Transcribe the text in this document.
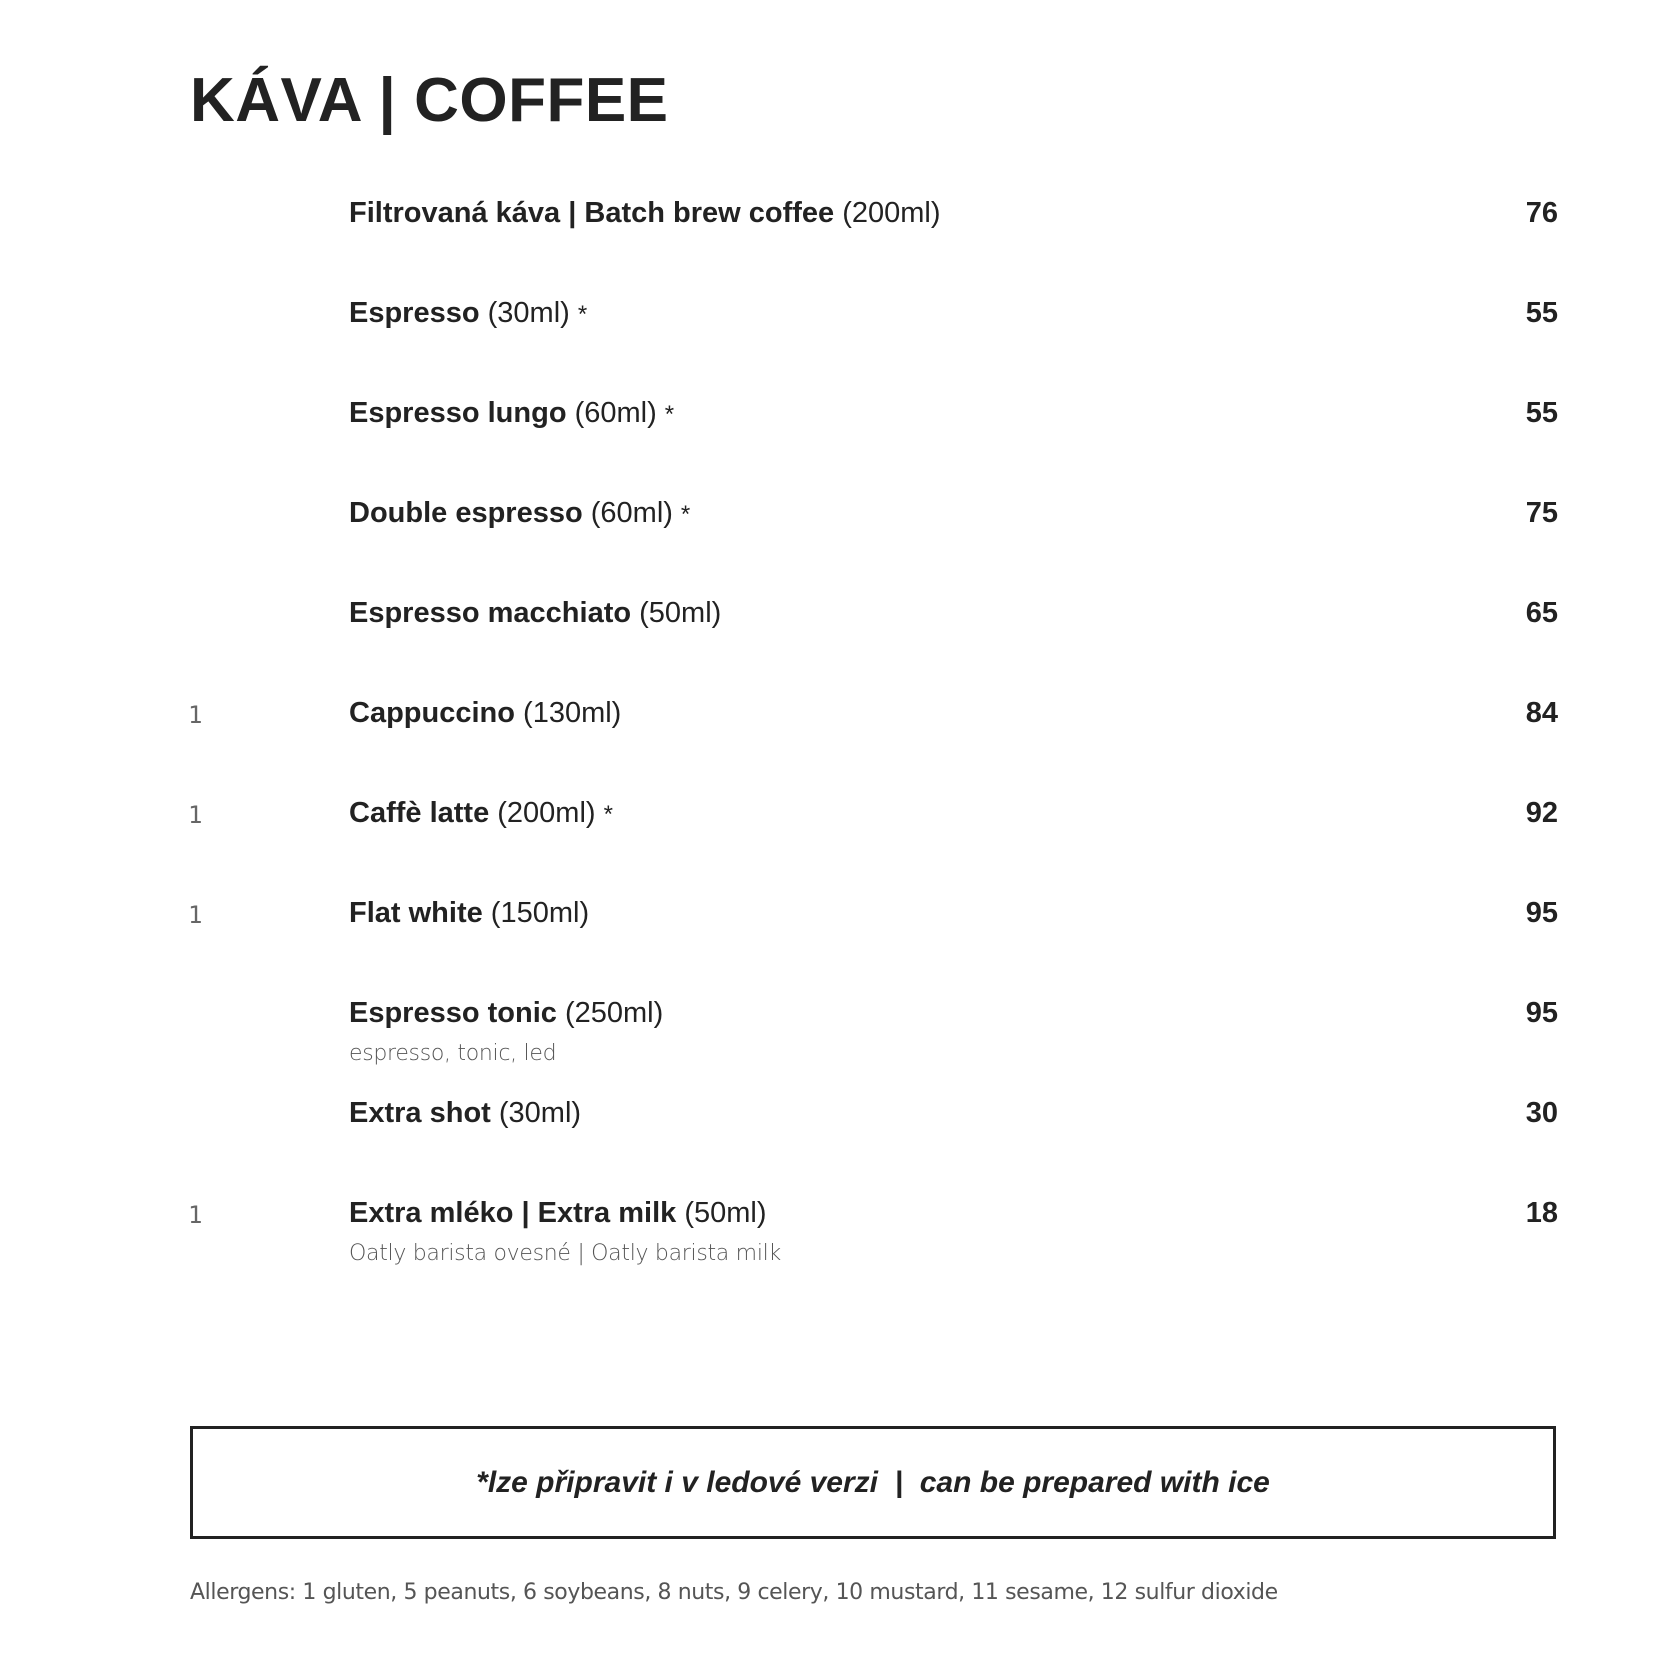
KÁVA | COFFEE
Filtrovaná káva | Batch brew coffee (200ml)	76
Espresso (30ml) *	55
Espresso lungo (60ml) *	55
Double espresso (60ml) *	75
Espresso macchiato (50ml)	65
1	Cappuccino (130ml)	84
1	Caffè latte (200ml) *	92
1	Flat white (150ml)	95
Espresso tonic (250ml)	95
espresso, tonic, led
Extra shot (30ml)	30
1	Extra mléko | Extra milk (50ml)	18
Oatly barista ovesné | Oatly barista milk
*lze připravit i v ledové verzi  |  can be prepared with ice
Allergens: 1 gluten, 5 peanuts, 6 soybeans, 8 nuts, 9 celery, 10 mustard, 11 sesame, 12 sulfur dioxide
